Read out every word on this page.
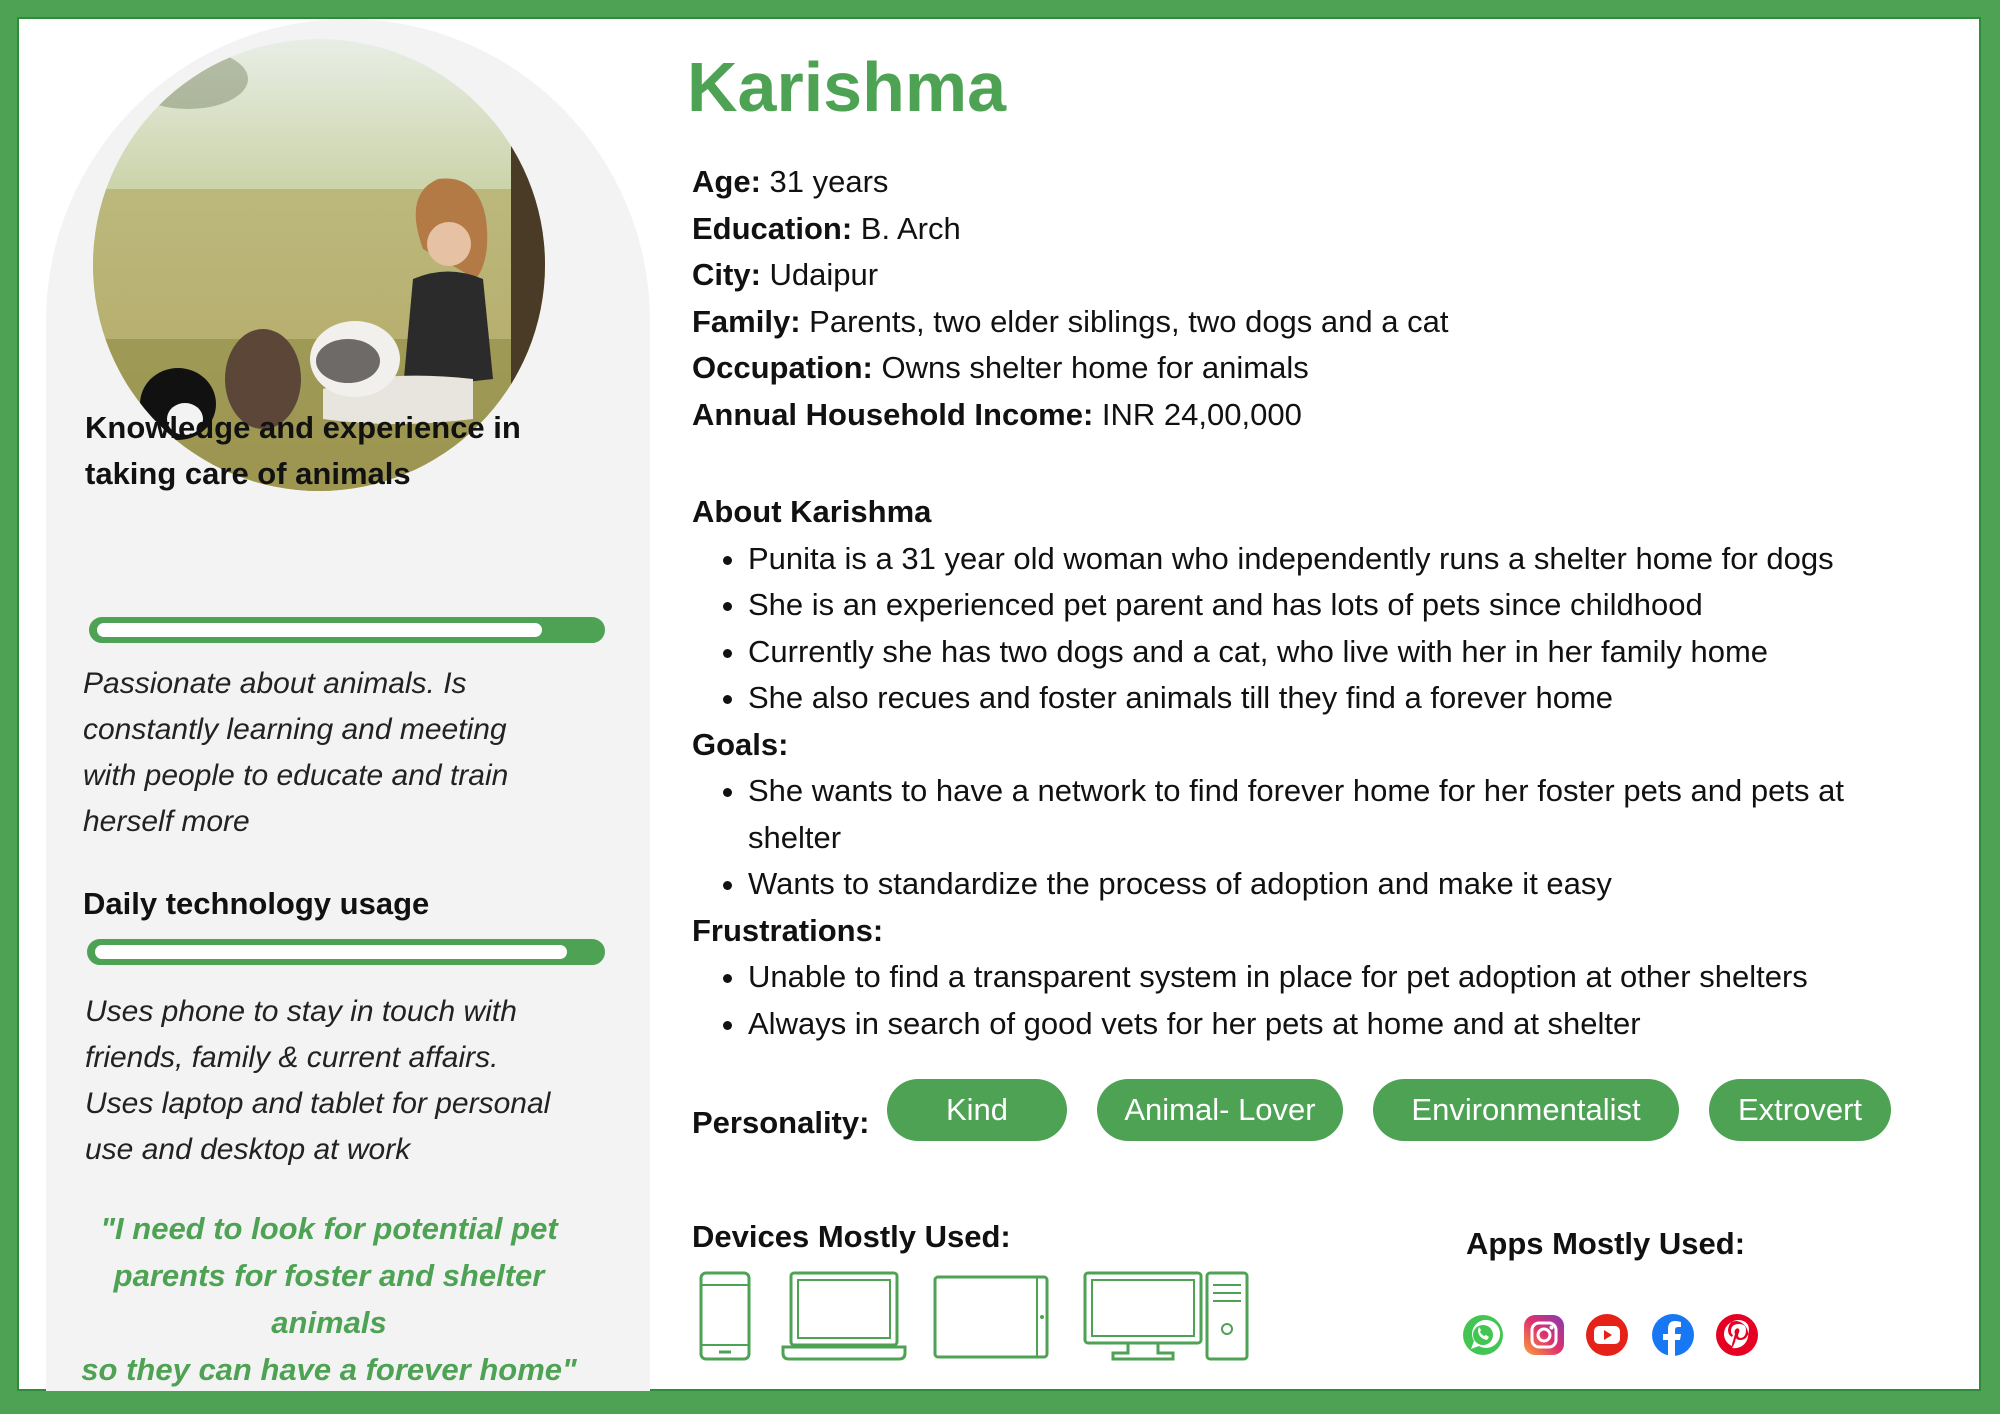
Knowledge and experience in
taking care of animals
Passionate about animals. Is
constantly learning and meeting
with people to educate and train
herself more
Daily technology usage
Uses phone to stay in touch with
friends, family & current affairs.
Uses laptop and tablet for personal
use and desktop at work
"I need to look for potential pet
parents for foster and shelter animals
so they can have a forever home"
Karishma
Age: 31 years
Education: B. Arch
City: Udaipur
Family: Parents, two elder siblings, two dogs and a cat
Occupation: Owns shelter home for animals
Annual Household Income: INR 24,00,000
About Karishma
• Punita is a 31 year old woman who independently runs a shelter home for dogs
• She is an experienced pet parent and has lots of pets since childhood
• Currently she has two dogs and a cat, who live with her in her family home
• She also recues and foster animals till they find a forever home
Goals:
• She wants to have a network to find forever home for her foster pets and pets at shelter
• Wants to standardize the process of adoption and make it easy
Frustrations:
• Unable to find a transparent system in place for pet adoption at other shelters
• Always in search of good vets for her pets at home and at shelter
Personality:	Kind	Animal- Lover	Environmentalist	Extrovert
Devices Mostly Used:	Apps Mostly Used:
